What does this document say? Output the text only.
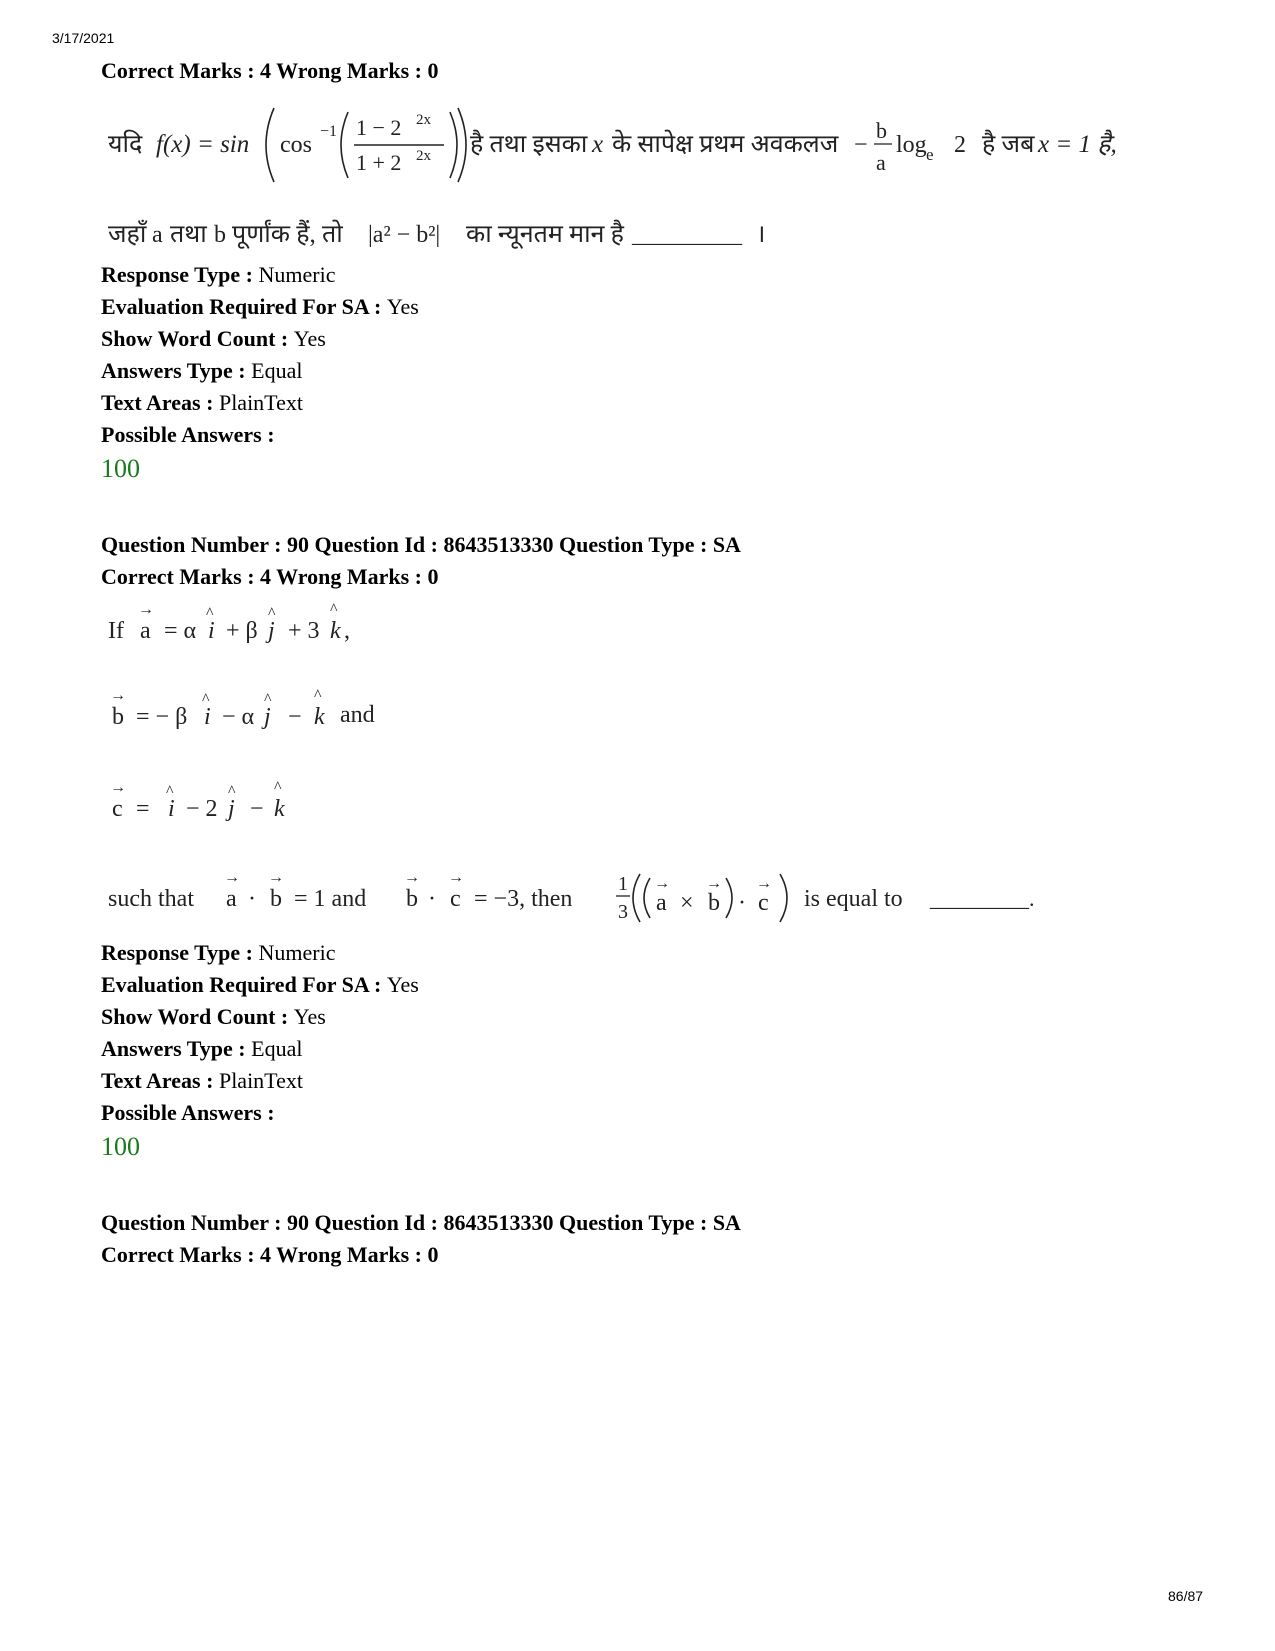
3/17/2021
Correct Marks : 4 Wrong Marks : 0
यदि f(x) = sin cos
−1 1 − 2 2x
1 + 2 2x है तथा इसका x के सापेक्ष प्रथम अवकलज −
b
a
log e 2 है जब x = 1 है,
जहाँ a तथा b पूर्णांक हैं, तो |a² − b²| का न्यूनतम मान है __________ ।
Response Type : Numeric
Evaluation Required For SA : Yes
Show Word Count : Yes
Answers Type : Equal
Text Areas : PlainText
Possible Answers :
100
Question Number : 90 Question Id : 8643513330 Question Type : SA
Correct Marks : 4 Wrong Marks : 0
If a
→
= α i
^
+ β j
^
+ 3 k
^
,
b
→
= − β i
^
− α j
^
− k
^
and
c
→
= i
^
− 2 j
^
− k
^
such that a
→
· b
→
= 1 and b
→
· c
→
= −3, then
1
3 a
→
× b
→
· c
→
is equal to _________.
Response Type : Numeric
Evaluation Required For SA : Yes
Show Word Count : Yes
Answers Type : Equal
Text Areas : PlainText
Possible Answers :
100
Question Number : 90 Question Id : 8643513330 Question Type : SA
Correct Marks : 4 Wrong Marks : 0
86/87
